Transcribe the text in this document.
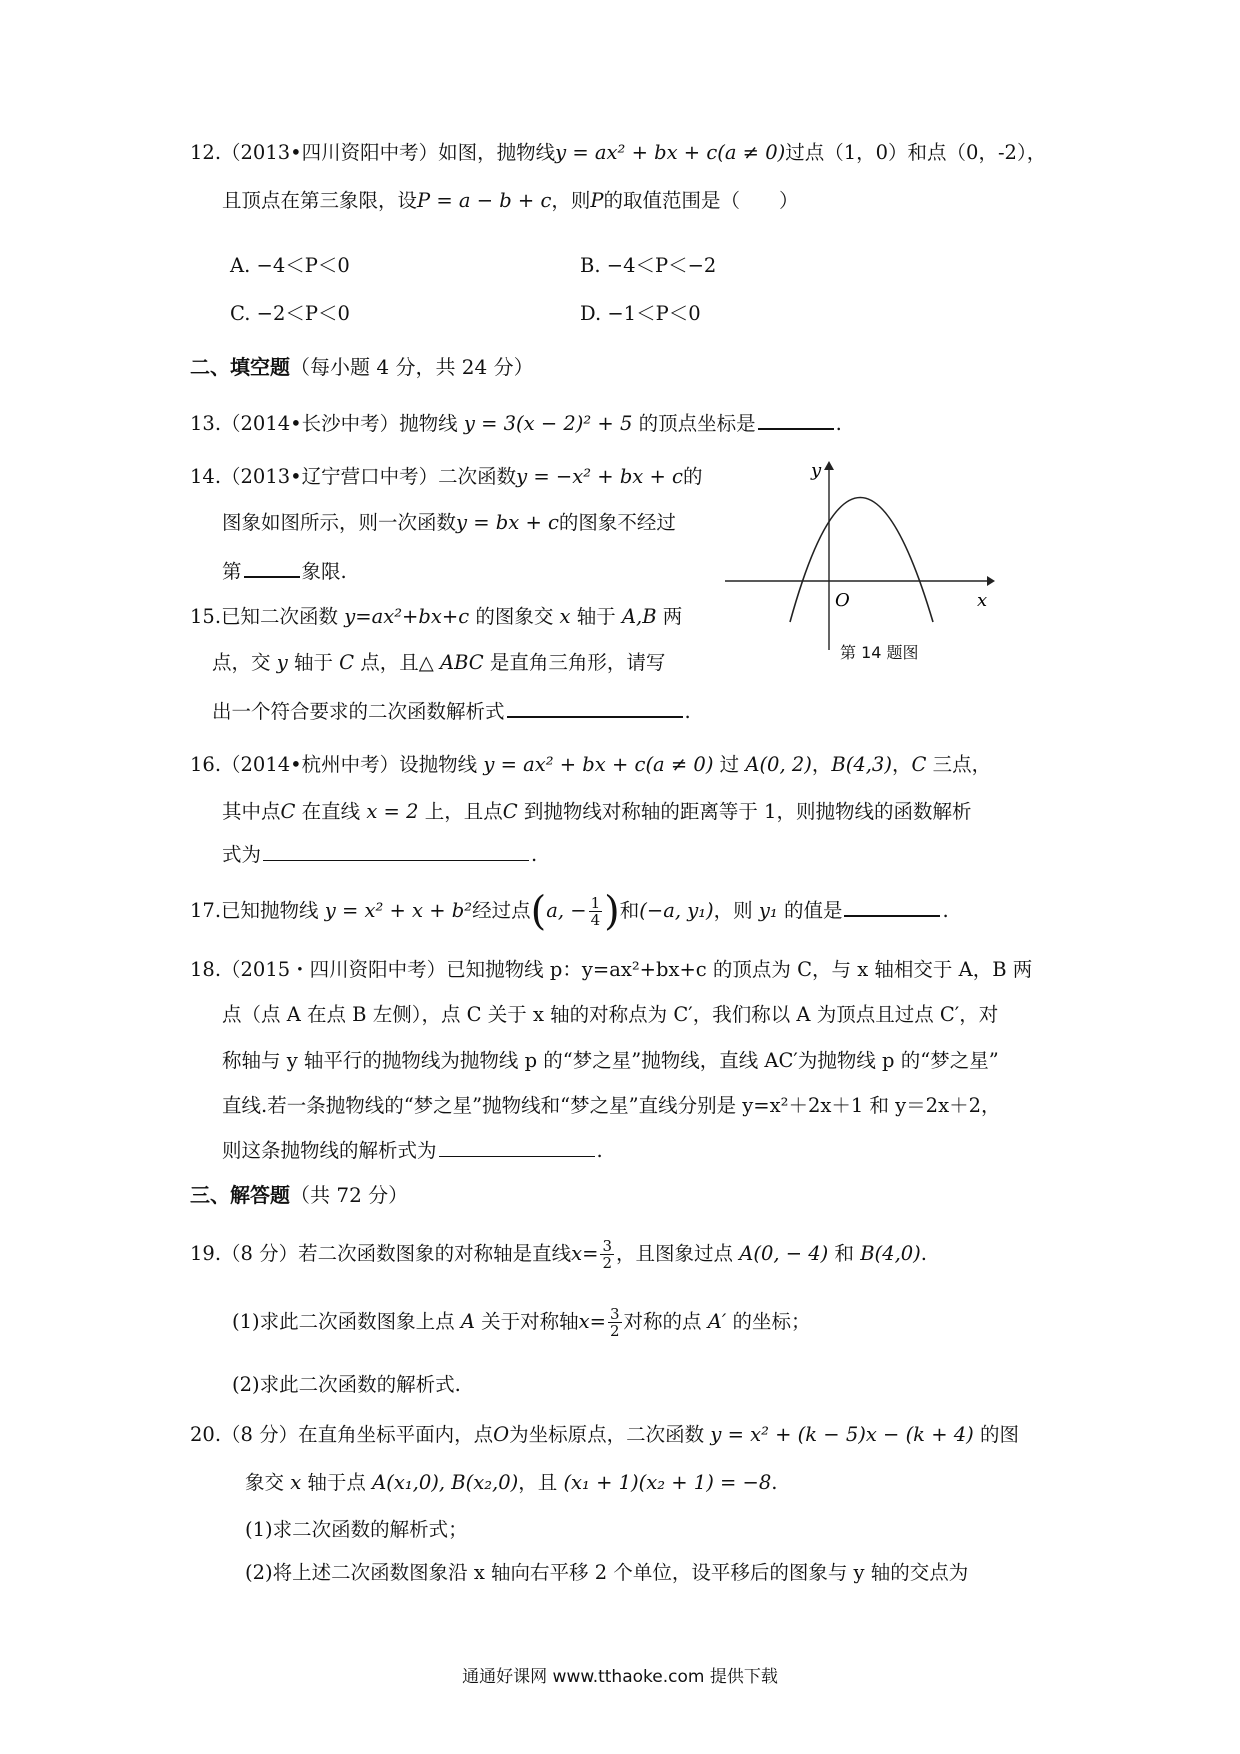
12.（2013•四川资阳中考）如图，抛物线y = ax² + bx + c(a ≠ 0)过点（1，0）和点（0，-2），
且顶点在第三象限，设P = a − b + c，则P的取值范围是（　　）
A. −4＜P＜0	B. −4＜P＜−2
C. −2＜P＜0	D. −1＜P＜0
二、填空题（每小题 4 分，共 24 分）
13.（2014•长沙中考）抛物线 y = 3(x − 2)² + 5 的顶点坐标是	.
14.（2013•辽宁营口中考）二次函数y = −x² + bx + c的
图象如图所示，则一次函数y = bx + c的图象不经过
第	象限.
y
x
O
第 14 题图
15.已知二次函数 y=ax²+bx+c 的图象交 x 轴于 A,B 两
点，交 y 轴于 C 点，且△ ABC 是直角三角形，请写
出一个符合要求的二次函数解析式	.
16.（2014•杭州中考）设抛物线 y = ax² + bx + c(a ≠ 0) 过 A(0, 2)，B(4,3)，C 三点，
其中点C 在直线 x = 2 上，且点C 到抛物线对称轴的距离等于 1，则抛物线的函数解析
式为	.
17.已知抛物线 y = x² + x + b²经过点(a, − $\frac{1}{4}$ )和(−a, y₁)，则 y₁ 的值是	.
18.（2015・四川资阳中考）已知抛物线 p：y=ax²+bx+c 的顶点为 C，与 x 轴相交于 A，B 两
点（点 A 在点 B 左侧），点 C 关于 x 轴的对称点为 C′，我们称以 A 为顶点且过点 C′，对
称轴与 y 轴平行的抛物线为抛物线 p 的“梦之星”抛物线，直线 AC′为抛物线 p 的“梦之星”
直线.若一条抛物线的“梦之星”抛物线和“梦之星”直线分别是 y=x²＋2x＋1 和 y＝2x＋2，
则这条抛物线的解析式为	.
三、解答题（共 72 分）
19.（8 分）若二次函数图象的对称轴是直线$x= \frac{3}{2}$ ，且图象过点 A(0, − 4) 和 B(4,0).
(1)求此二次函数图象上点 A 关于对称轴$x= \frac{3}{2}$ 对称的点 A′ 的坐标；
(2)求此二次函数的解析式.
20.（8 分）在直角坐标平面内，点O为坐标原点，二次函数 y = x² + (k − 5)x − (k + 4) 的图
象交 x 轴于点 A(x₁,0), B(x₂,0)，且 (x₁ + 1)(x₂ + 1) = −8.
(1)求二次函数的解析式；
(2)将上述二次函数图象沿 x 轴向右平移 2 个单位，设平移后的图象与 y 轴的交点为
通通好课网 www.tthaoke.com 提供下载
